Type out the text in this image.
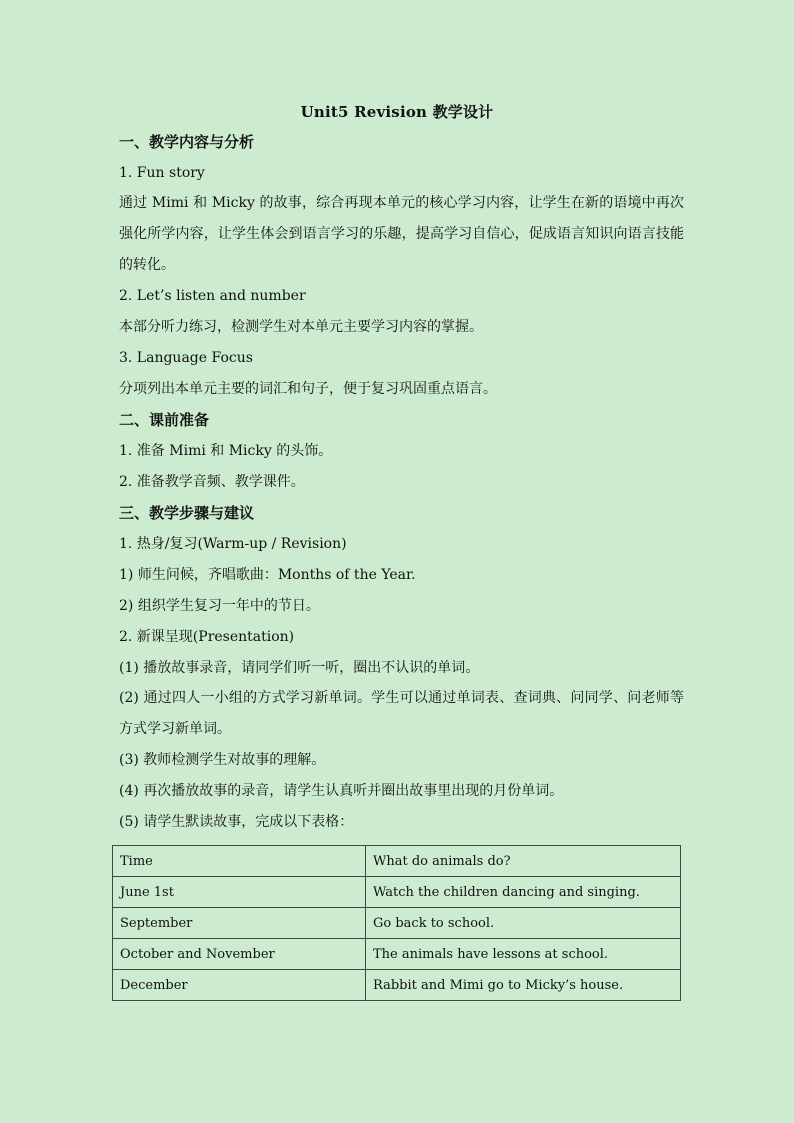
Unit5 Revision 教学设计
一、教学内容与分析
1. Fun story
通过 Mimi 和 Micky 的故事，综合再现本单元的核心学习内容，让学生在新的语境中再次强化所学内容，让学生体会到语言学习的乐趣，提高学习自信心，促成语言知识向语言技能的转化。
2. Let’s listen and number
本部分听力练习，检测学生对本单元主要学习内容的掌握。
3. Language Focus
分项列出本单元主要的词汇和句子，便于复习巩固重点语言。
二、课前准备
1. 准备 Mimi 和 Micky 的头饰。
2. 准备教学音频、教学课件。
三、教学步骤与建议
1. 热身/复习(Warm-up / Revision)
1) 师生问候，齐唱歌曲：Months of the Year.
2) 组织学生复习一年中的节日。
2. 新课呈现(Presentation)
(1) 播放故事录音，请同学们听一听，圈出不认识的单词。
(2) 通过四人一小组的方式学习新单词。学生可以通过单词表、查词典、问同学、问老师等方式学习新单词。
(3) 教师检测学生对故事的理解。
(4) 再次播放故事的录音，请学生认真听并圈出故事里出现的月份单词。
(5) 请学生默读故事，完成以下表格：
Time	What do animals do?
June 1st	Watch the children dancing and singing.
September	Go back to school.
October and November	The animals have lessons at school.
December	Rabbit and Mimi go to Micky’s house.
